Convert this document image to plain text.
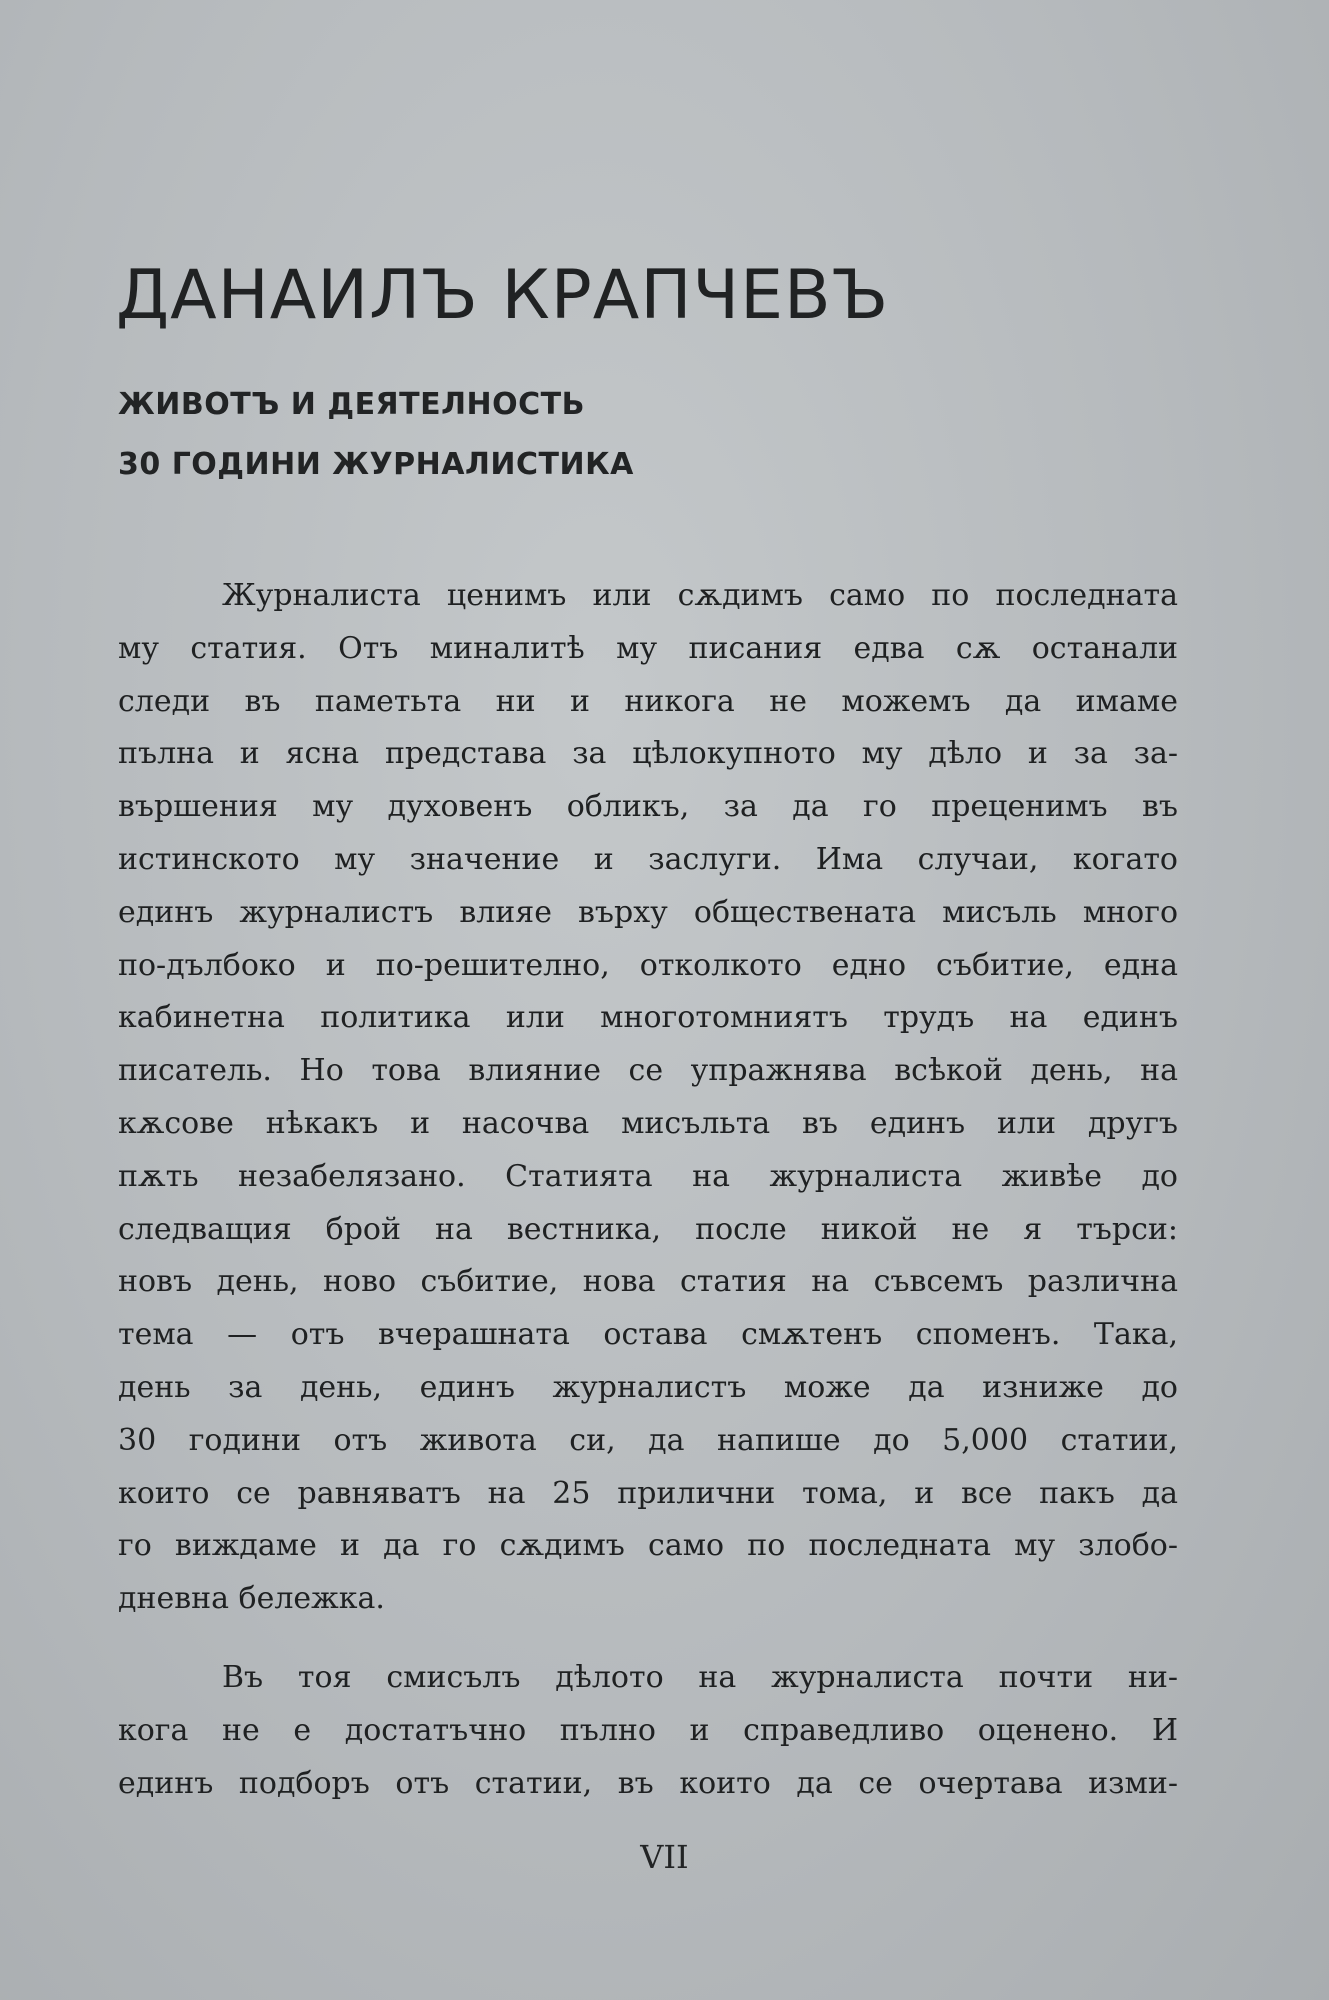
ДАНАИЛЪ КРАПЧЕВЪ
ЖИВОТЪ И ДЕЯТЕЛНОСТЬ
30 ГОДИНИ ЖУРНАЛИСТИКА

Журналиста ценимъ или сѫдимъ само по последната

му статия. Отъ миналитѣ му писания едва сѫ останали

следи въ паметьта ни и никога не можемъ да имаме

пълна и ясна представа за цѣлокупното му дѣло и за за-

вършения му духовенъ обликъ, за да го преценимъ въ

истинското му значение и заслуги. Има случаи, когато

единъ журналистъ влияе върху обществената мисъль много

по-дълбоко и по-решително, отколкото едно събитие, една

кабинетна политика или многотомниятъ трудъ на единъ

писатель. Но това влияние се упражнява всѣкой день, на

кѫсове нѣкакъ и насочва мисъльта въ единъ или другъ

пѫть незабелязано. Статията на журналиста живѣе до

следващия брой на вестника, после никой не я търси:

новъ день, ново събитие, нова статия на съвсемъ различна

тема — отъ вчерашната остава смѫтенъ споменъ. Така,

день за день, единъ журналистъ може да изниже до

30 години отъ живота си, да напише до 5,000 статии,

които се равняватъ на 25 прилични тома, и все пакъ да

го виждаме и да го сѫдимъ само по последната му злобо-

дневна бележка.

Въ тоя смисълъ дѣлото на журналиста почти ни-

кога не е достатъчно пълно и справедливо оценено. И

единъ подборъ отъ статии, въ които да се очертава изми-

VII
